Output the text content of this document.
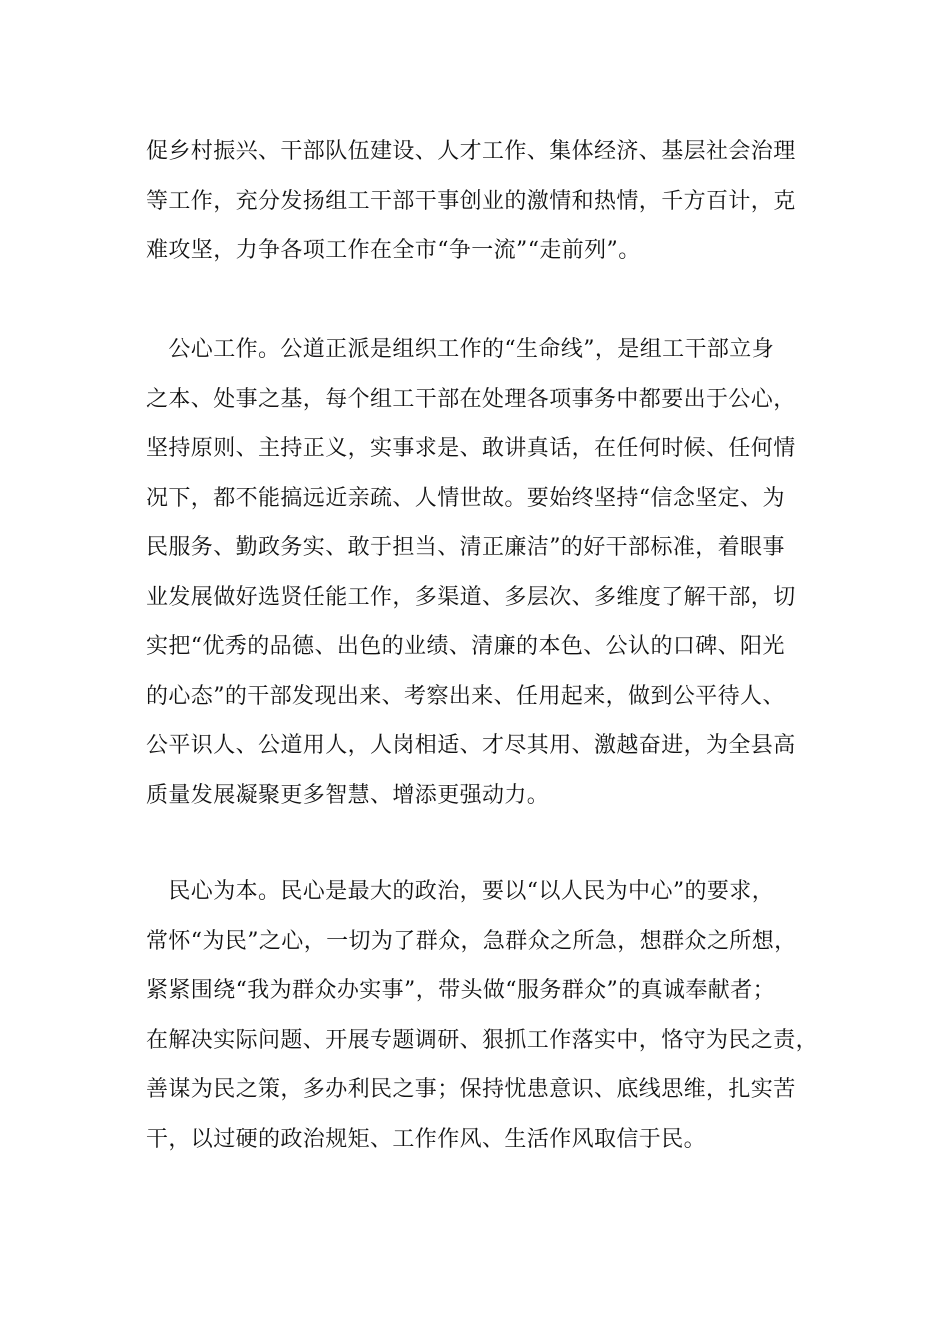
促乡村振兴、干部队伍建设、人才工作、集体经济、基层社会治理
等工作，充分发扬组工干部干事创业的激情和热情，千方百计，克
难攻坚，力争各项工作在全市“争一流”“走前列”。
　公心工作。公道正派是组织工作的“生命线”，是组工干部立身
之本、处事之基，每个组工干部在处理各项事务中都要出于公心，
坚持原则、主持正义，实事求是、敢讲真话，在任何时候、任何情
况下，都不能搞远近亲疏、人情世故。要始终坚持“信念坚定、为
民服务、勤政务实、敢于担当、清正廉洁”的好干部标准，着眼事
业发展做好选贤任能工作，多渠道、多层次、多维度了解干部，切
实把“优秀的品德、出色的业绩、清廉的本色、公认的口碑、阳光
的心态”的干部发现出来、考察出来、任用起来，做到公平待人、
公平识人、公道用人，人岗相适、才尽其用、激越奋进，为全县高
质量发展凝聚更多智慧、增添更强动力。
　民心为本。民心是最大的政治，要以“以人民为中心”的要求，
常怀“为民”之心，一切为了群众，急群众之所急，想群众之所想，
紧紧围绕“我为群众办实事”，带头做“服务群众”的真诚奉献者；
在解决实际问题、开展专题调研、狠抓工作落实中，恪守为民之责，
善谋为民之策，多办利民之事；保持忧患意识、底线思维，扎实苦
干，以过硬的政治规矩、工作作风、生活作风取信于民。
